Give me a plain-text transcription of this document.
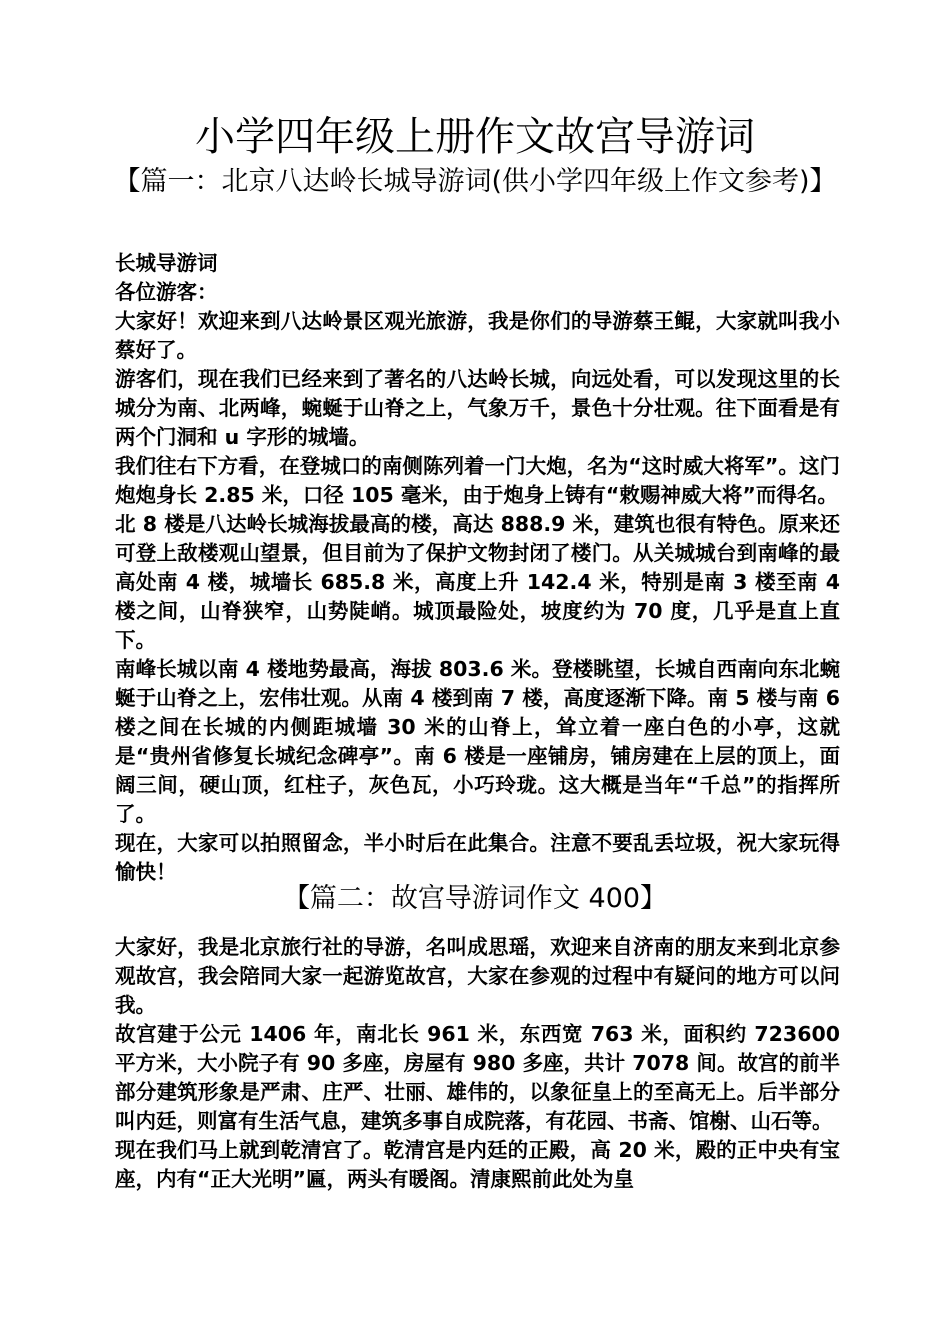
小学四年级上册作文故宫导游词
【篇一：北京八达岭长城导游词(供小学四年级上作文参考)】

长城导游词

各位游客：

大家好！欢迎来到八达岭景区观光旅游，我是你们的导游蔡王鲲，大家就叫我小蔡好了。

游客们，现在我们已经来到了著名的八达岭长城，向远处看，可以发现这里的长城分为南、北两峰，蜿蜒于山脊之上，气象万千，景色十分壮观。往下面看是有两个门洞和 u 字形的城墙。

我们往右下方看，在登城口的南侧陈列着一门大炮，名为“这时威大将军”。这门炮炮身长 2.85 米，口径 105 毫米，由于炮身上铸有“敕赐神威大将”而得名。

北 8 楼是八达岭长城海拔最高的楼，高达 888.9 米，建筑也很有特色。原来还可登上敌楼观山望景，但目前为了保护文物封闭了楼门。从关城城台到南峰的最高处南 4 楼，城墙长 685.8 米，高度上升 142.4 米，特别是南 3 楼至南 4 楼之间，山脊狭窄，山势陡峭。城顶最险处，坡度约为 70 度，几乎是直上直下。

南峰长城以南 4 楼地势最高，海拔 803.6 米。登楼眺望，长城自西南向东北蜿蜒于山脊之上，宏伟壮观。从南 4 楼到南 7 楼，高度逐渐下降。南 5 楼与南 6 楼之间在长城的内侧距城墙 30 米的山脊上，耸立着一座白色的小亭，这就是“贵州省修复长城纪念碑亭”。南 6 楼是一座铺房，铺房建在上层的顶上，面阔三间，硬山顶，红柱子，灰色瓦，小巧玲珑。这大概是当年“千总”的指挥所了。

现在，大家可以拍照留念，半小时后在此集合。注意不要乱丢垃圾，祝大家玩得愉快！

【篇二：故宫导游词作文 400】

大家好，我是北京旅行社的导游，名叫成思瑶，欢迎来自济南的朋友来到北京参观故宫，我会陪同大家一起游览故宫，大家在参观的过程中有疑问的地方可以问我。

故宫建于公元 1406 年，南北长 961 米，东西宽 763 米，面积约 723600 平方米，大小院子有 90 多座，房屋有 980 多座，共计 7078 间。故宫的前半部分建筑形象是严肃、庄严、壮丽、雄伟的，以象征皇上的至高无上。后半部分叫内廷，则富有生活气息，建筑多事自成院落，有花园、书斋、馆榭、山石等。

现在我们马上就到乾清宫了。乾清宫是内廷的正殿，高 20 米，殿的正中央有宝座，内有“正大光明”匾，两头有暖阁。清康熙前此处为皇
